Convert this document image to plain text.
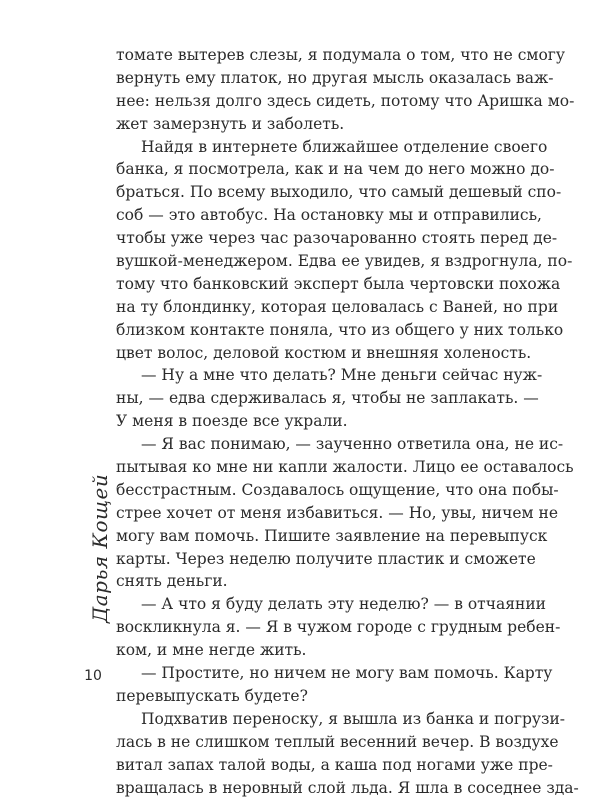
томате вытерев слезы, я подумала о том, что не смогу
вернуть ему платок, но другая мысль оказалась важ-
нее: нельзя долго здесь сидеть, потому что Аришка мо-
жет замерзнуть и заболеть.
Найдя в интернете ближайшее отделение своего
банка, я посмотрела, как и на чем до него можно до-
браться. По всему выходило, что самый дешевый спо-
соб — это автобус. На остановку мы и отправились,
чтобы уже через час разочарованно стоять перед де-
вушкой-менеджером. Едва ее увидев, я вздрогнула, по-
тому что банковский эксперт была чертовски похожа
на ту блондинку, которая целовалась с Ваней, но при
близком контакте поняла, что из общего у них только
цвет волос, деловой костюм и внешняя холеность.
— Ну а мне что делать? Мне деньги сейчас нуж-
ны, — едва сдерживалась я, чтобы не заплакать. —
У меня в поезде все украли.
— Я вас понимаю, — заученно ответила она, не ис-
пытывая ко мне ни капли жалости. Лицо ее оставалось
бесстрастным. Создавалось ощущение, что она побы-
стрее хочет от меня избавиться. — Но, увы, ничем не
могу вам помочь. Пишите заявление на перевыпуск
карты. Через неделю получите пластик и сможете
снять деньги.
— А что я буду делать эту неделю? — в отчаянии
воскликнула я. — Я в чужом городе с грудным ребен-
ком, и мне негде жить.
— Простите, но ничем не могу вам помочь. Карту
перевыпускать будете?
Подхватив переноску, я вышла из банка и погрузи-
лась в не слишком теплый весенний вечер. В воздухе
витал запах талой воды, а каша под ногами уже пре-
вращалась в неровный слой льда. Я шла в соседнее зда-
Дарья Кощей
10
